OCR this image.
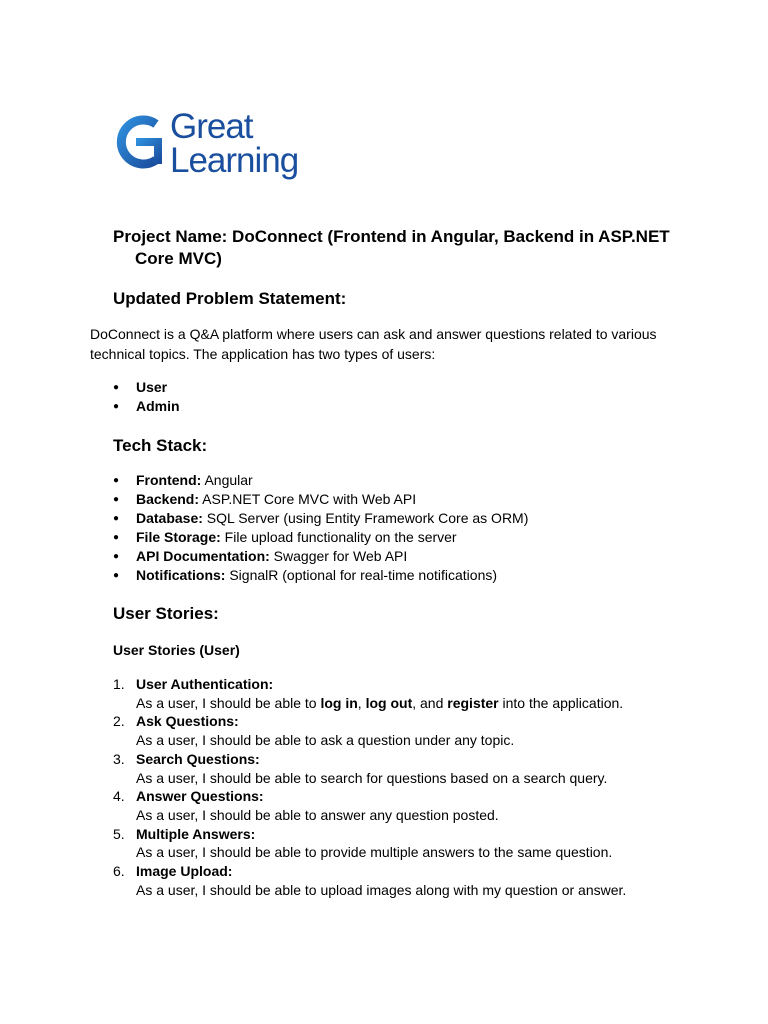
Great
Learning
Project Name: DoConnect (Frontend in Angular, Backend in ASP.NET
Core MVC)
Updated Problem Statement:

DoConnect is a Q&A platform where users can ask and answer questions related to various technical topics. The application has two types of users:

● User
● Admin
Tech Stack:
● Frontend: Angular
● Backend: ASP.NET Core MVC with Web API
● Database: SQL Server (using Entity Framework Core as ORM)
● File Storage: File upload functionality on the server
● API Documentation: Swagger for Web API
● Notifications: SignalR (optional for real-time notifications)
User Stories:
User Stories (User)
1. User Authentication:
As a user, I should be able to log in, log out, and register into the application.
2. Ask Questions:
As a user, I should be able to ask a question under any topic.
3. Search Questions:
As a user, I should be able to search for questions based on a search query.
4. Answer Questions:
As a user, I should be able to answer any question posted.
5. Multiple Answers:
As a user, I should be able to provide multiple answers to the same question.
6. Image Upload:
As a user, I should be able to upload images along with my question or answer.
